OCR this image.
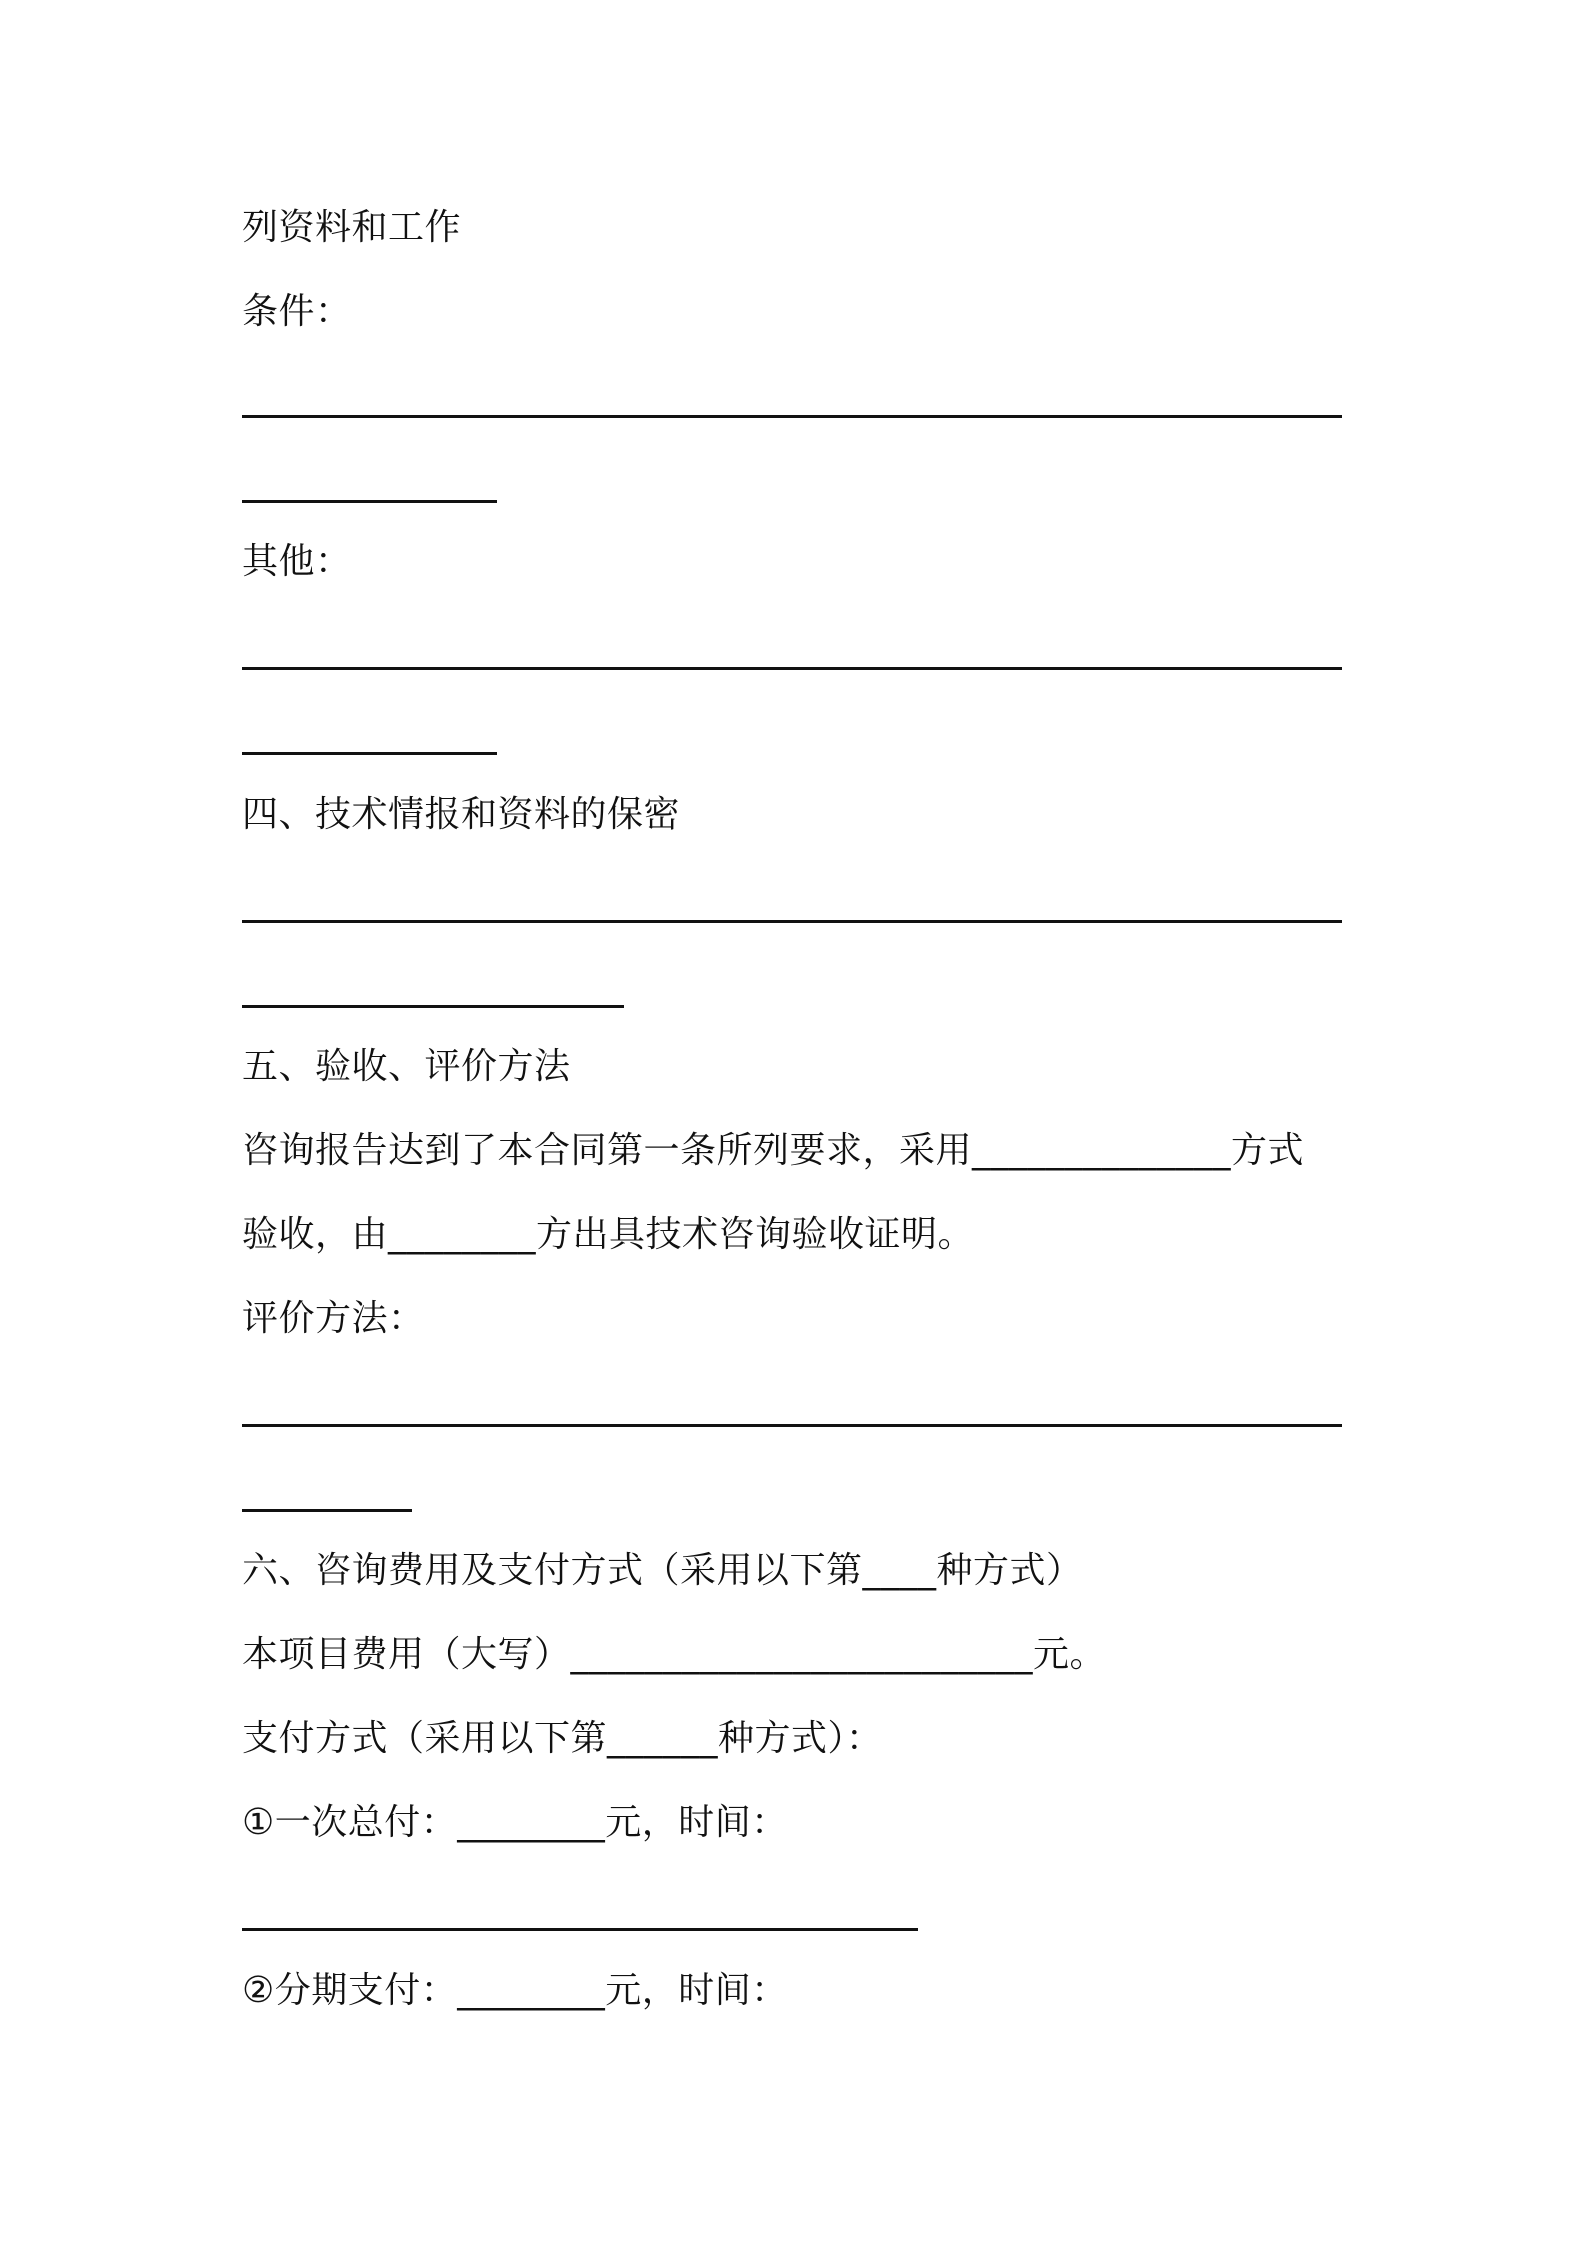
列资料和工作

条件：

其他：

四、技术情报和资料的保密

五、验收、评价方法

咨询报告达到了本合同第一条所列要求，采用______________方式

验收，由________方出具技术咨询验收证明。

评价方法：

六、咨询费用及支付方式（采用以下第____种方式）

本项目费用（大写）_________________________元。

支付方式（采用以下第______种方式）：

①一次总付：________元，时间：

②分期支付：________元，时间：
